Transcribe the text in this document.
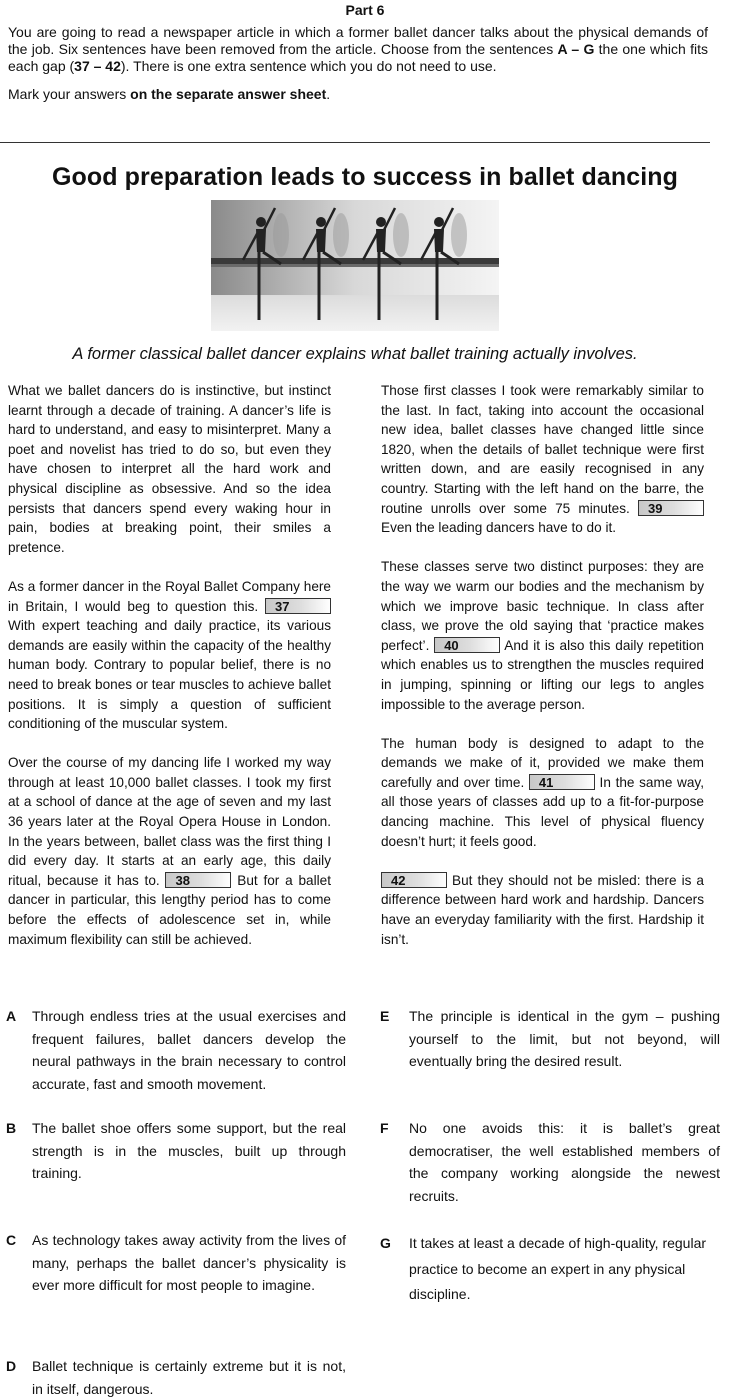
Part 6

You are going to read a newspaper article in which a former ballet dancer talks about the physical demands of the job. Six sentences have been removed from the article. Choose from the sentences A – G the one which fits each gap (37 – 42). There is one extra sentence which you do not need to use.

Mark your answers on the separate answer sheet.

Good preparation leads to success in ballet dancing
A former classical ballet dancer explains what ballet training actually involves.

What we ballet dancers do is instinctive, but instinct learnt through a decade of training. A dancer’s life is hard to understand, and easy to misinterpret. Many a poet and novelist has tried to do so, but even they have chosen to interpret all the hard work and physical discipline as obsessive. And so the idea persists that dancers spend every waking hour in pain, bodies at breaking point, their smiles a pretence.

As a former dancer in the Royal Ballet Company here in Britain, I would beg to question this. 37
With expert teaching and daily practice, its various demands are easily within the capacity of the healthy human body. Contrary to popular belief, there is no need to break bones or tear muscles to achieve ballet positions. It is simply a question of sufficient conditioning of the muscular system.

Over the course of my dancing life I worked my way through at least 10,000 ballet classes. I took my first at a school of dance at the age of seven and my last 36 years later at the Royal Opera House in London. In the years between, ballet class was the first thing I did every day. It starts at an early age, this daily ritual, because it has to. 38	But for a ballet dancer in particular, this lengthy period has to come before the effects of adolescence set in, while maximum flexibility can still be achieved.

Those first classes I took were remarkably similar to the last. In fact, taking into account the occasional new idea, ballet classes have changed little since 1820, when the details of ballet technique were first written down, and are easily recognised in any country. Starting with the left hand on the barre, the routine unrolls over some 75 minutes. 39
Even the leading dancers have to do it.

These classes serve two distinct purposes: they are the way we warm our bodies and the mechanism by which we improve basic technique. In class after class, we prove the old saying that ‘practice makes perfect’. 40	And it is also this daily repetition which enables us to strengthen the muscles required in jumping, spinning or lifting our legs to angles impossible to the average person.

The human body is designed to adapt to the demands we make of it, provided we make them carefully and over time. 41	In the same way, all those years of classes add up to a fit-for-purpose dancing machine. This level of physical fluency doesn’t hurt; it feels good.

42	But they should not be misled: there is a difference between hard work and hardship. Dancers have an everyday familiarity with the first. Hardship it isn’t.

A Through endless tries at the usual exercises and frequent failures, ballet dancers develop the neural pathways in the brain necessary to control accurate, fast and smooth movement.
B The ballet shoe offers some support, but the real strength is in the muscles, built up through training.
C As technology takes away activity from the lives of many, perhaps the ballet dancer’s physicality is ever more difficult for most people to imagine.
D Ballet technique is certainly extreme but it is not, in itself, dangerous.
E The principle is identical in the gym – pushing yourself to the limit, but not beyond, will eventually bring the desired result.
F No one avoids this: it is ballet’s great democratiser, the well established members of the company working alongside the newest recruits.
G It takes at least a decade of high-quality, regular practice to become an expert in any physical discipline.
